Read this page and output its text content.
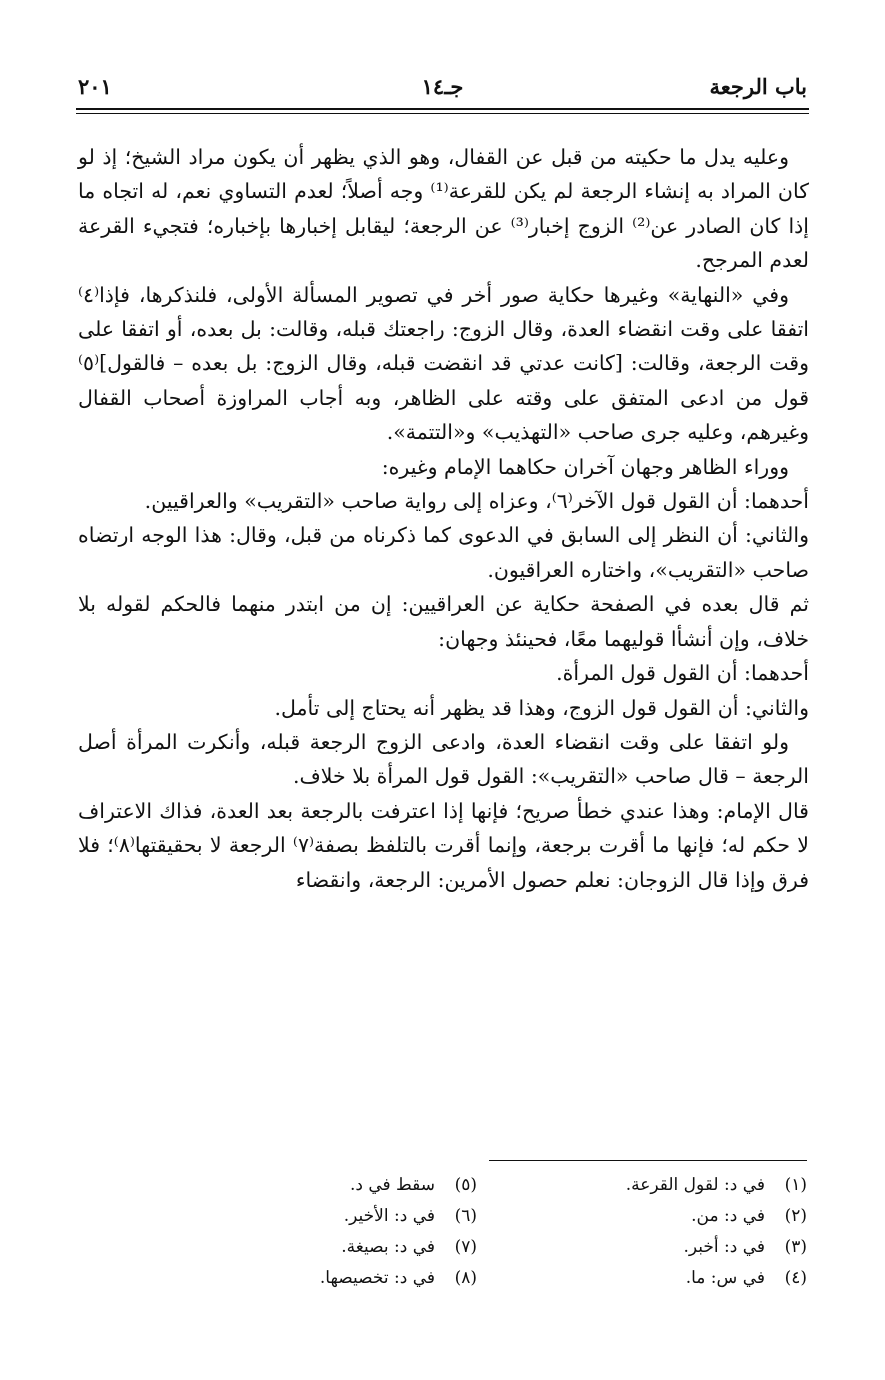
باب الرجعة
جـ١٤
٢٠١

وعليه يدل ما حكيته من قبل عن القفال، وهو الذي يظهر أن يكون مراد الشيخ؛ إذ لو كان المراد به إنشاء الرجعة لم يكن للقرعة⁽¹⁾ وجه أصلاً؛ لعدم التساوي نعم، له اتجاه ما إذا كان الصادر عن⁽²⁾ الزوج إخبار⁽³⁾ عن الرجعة؛ ليقابل إخبارها بإخباره؛ فتجيء القرعة لعدم المرجح.

وفي «النهاية» وغيرها حكاية صور أخر في تصوير المسألة الأولى، فلنذكرها، فإذا⁽٤⁾ اتفقا على وقت انقضاء العدة، وقال الزوج: راجعتك قبله، وقالت: بل بعده، أو اتفقا على وقت الرجعة، وقالت: [كانت عدتي قد انقضت قبله، وقال الزوج: بل بعده – فالقول]⁽٥⁾ قول من ادعى المتفق على وقته على الظاهر، وبه أجاب المراوزة أصحاب القفال وغيرهم، وعليه جرى صاحب «التهذيب» و«التتمة».

ووراء الظاهر وجهان آخران حكاهما الإمام وغيره:

أحدهما: أن القول قول الآخر⁽٦⁾، وعزاه إلى رواية صاحب «التقريب» والعراقيين.

والثاني: أن النظر إلى السابق في الدعوى كما ذكرناه من قبل، وقال: هذا الوجه ارتضاه صاحب «التقريب»، واختاره العراقيون.

ثم قال بعده في الصفحة حكاية عن العراقيين: إن من ابتدر منهما فالحكم لقوله بلا خلاف، وإن أنشأا قوليهما معًا، فحينئذ وجهان:

أحدهما: أن القول قول المرأة.

والثاني: أن القول قول الزوج، وهذا قد يظهر أنه يحتاج إلى تأمل.

ولو اتفقا على وقت انقضاء العدة، وادعى الزوج الرجعة قبله، وأنكرت المرأة أصل الرجعة – قال صاحب «التقريب»: القول قول المرأة بلا خلاف.

قال الإمام: وهذا عندي خطأ صريح؛ فإنها إذا اعترفت بالرجعة بعد العدة، فذاك الاعتراف لا حكم له؛ فإنها ما أقرت برجعة، وإنما أقرت بالتلفظ بصفة⁽٧⁾ الرجعة لا بحقيقتها⁽٨⁾؛ فلا فرق وإذا قال الزوجان: نعلم حصول الأمرين: الرجعة، وانقضاء

(١)في د: لقول القرعة.
(٢)في د: من.
(٣)في د: أخبر.
(٤)في س: ما.
(٥)سقط في د.
(٦)في د: الأخير.
(٧)في د: بصيغة.
(٨)في د: تخصيصها.
